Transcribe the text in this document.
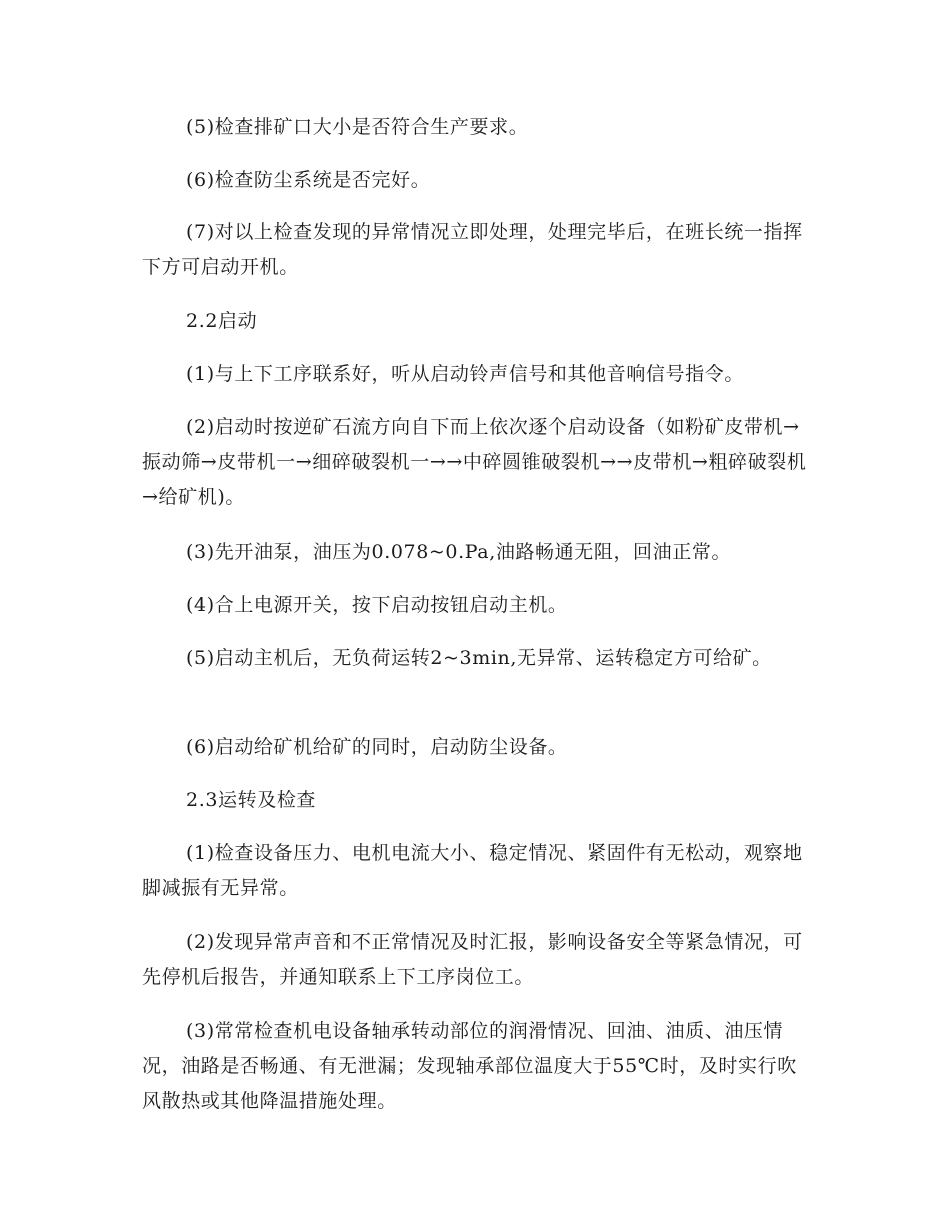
(5)检查排矿口大小是否符合生产要求。

(6)检查防尘系统是否完好。

(7)对以上检查发现的异常情况立即处理，处理完毕后，在班长统一指挥下方可启动开机。

2.2启动

(1)与上下工序联系好，听从启动铃声信号和其他音响信号指令。

(2)启动时按逆矿石流方向自下而上依次逐个启动设备（如粉矿皮带机→振动筛→皮带机一→细碎破裂机一→→中碎圆锥破裂机→→皮带机→粗碎破裂机→给矿机)。

(3)先开油泵，油压为0.078~0.Pa,油路畅通无阻，回油正常。

(4)合上电源开关，按下启动按钮启动主机。

(5)启动主机后，无负荷运转2~3min,无异常、运转稳定方可给矿。

(6)启动给矿机给矿的同时，启动防尘设备。

2.3运转及检查

(1)检查设备压力、电机电流大小、稳定情况、紧固件有无松动，观察地脚减振有无异常。

(2)发现异常声音和不正常情况及时汇报，影响设备安全等紧急情况，可先停机后报告，并通知联系上下工序岗位工。

(3)常常检查机电设备轴承转动部位的润滑情况、回油、油质、油压情况，油路是否畅通、有无泄漏；发现轴承部位温度大于55℃时，及时实行吹风散热或其他降温措施处理。
